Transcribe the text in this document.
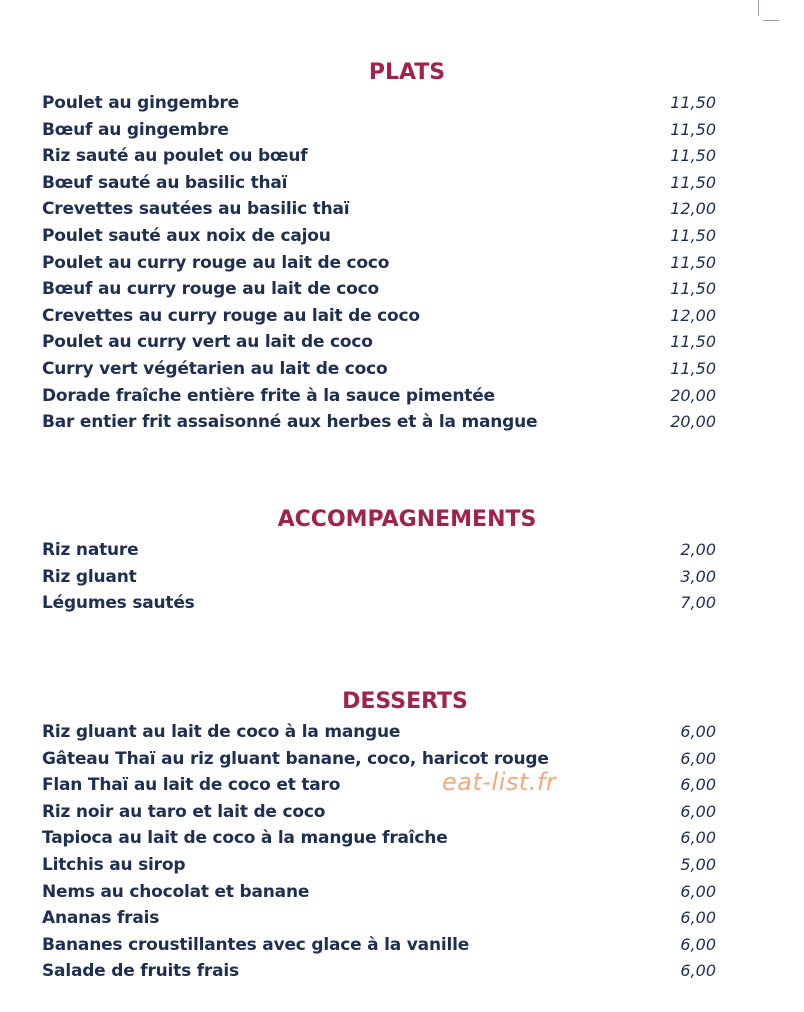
PLATS
Poulet au gingembre	11,50
Bœuf au gingembre	11,50
Riz sauté au poulet ou bœuf	11,50
Bœuf sauté au basilic thaï	11,50
Crevettes sautées au basilic thaï	12,00
Poulet sauté aux noix de cajou	11,50
Poulet au curry rouge au lait de coco	11,50
Bœuf au curry rouge au lait de coco	11,50
Crevettes au curry rouge au lait de coco	12,00
Poulet au curry vert au lait de coco	11,50
Curry vert végétarien au lait de coco	11,50
Dorade fraîche entière frite à la sauce pimentée	20,00
Bar entier frit assaisonné aux herbes et à la mangue	20,00
ACCOMPAGNEMENTS
Riz nature	2,00
Riz gluant	3,00
Légumes sautés	7,00
DESSERTS
Riz gluant au lait de coco à la mangue	6,00
Gâteau Thaï au riz gluant banane, coco, haricot rouge	6,00
Flan Thaï au lait de coco et taro	6,00
Riz noir au taro et lait de coco	6,00
Tapioca au lait de coco à la mangue fraîche	6,00
Litchis au sirop	5,00
Nems au chocolat et banane	6,00
Ananas frais	6,00
Bananes croustillantes avec glace à la vanille	6,00
Salade de fruits frais	6,00
eat-list.fr
